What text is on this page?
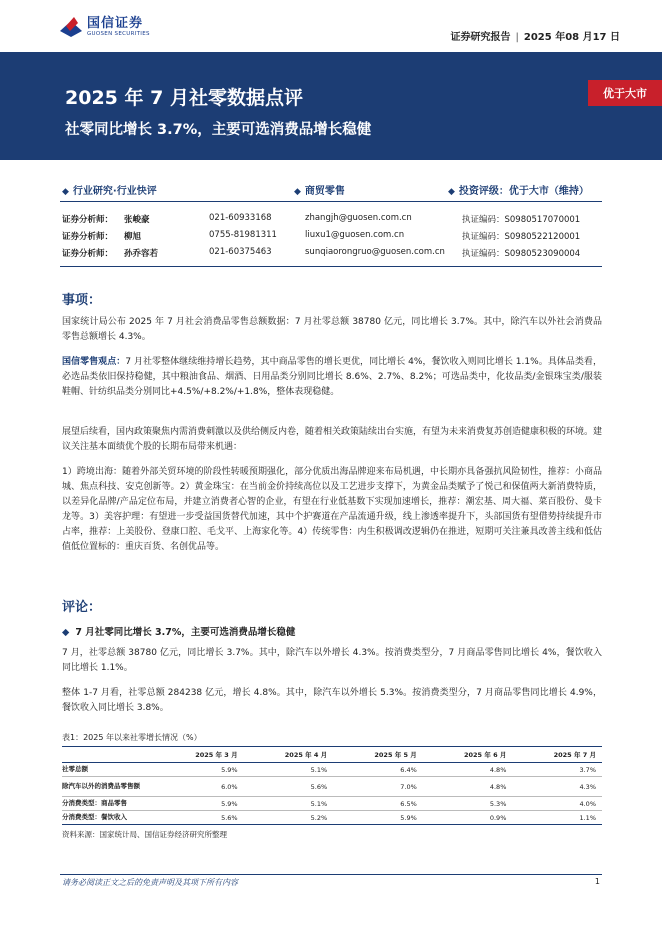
国信证券
GUOSEN SECURITIES	证券研究报告 | 2025 年08 月17 日
2025 年 7 月社零数据点评
社零同比增长 3.7%，主要可选消费品增长稳健
优于大市
◆ 行业研究·行业快评	◆ 商贸零售	◆ 投资评级：优于大市（维持）
证券分析师： 张峻豪	021-60933168	zhangjh@guosen.com.cn	执证编码：S0980517070001
证券分析师： 柳旭	0755-81981311	liuxu1@guosen.com.cn	执证编码：S0980522120001
证券分析师： 孙乔容若	021-60375463	sunqiaorongruo@guosen.com.cn 执证编码：S0980523090004
事项：
国家统计局公布 2025 年 7 月社会消费品零售总额数据：7 月社零总额 38780 亿元，同比增长 3.7%。其中，除汽车以外社会消费品零售总额增长 4.3%。
国信零售观点：7 月社零整体继续维持增长趋势，其中商品零售的增长更优，同比增长 4%，餐饮收入则同比增长 1.1%。具体品类看，必选品类依旧保持稳健，其中粮油食品、烟酒、日用品类分别同比增长 8.6%、2.7%、8.2%；可选品类中，化妆品类/金银珠宝类/服装鞋帽、针纺织品类分别同比+4.5%/+8.2%/+1.8%，整体表现稳健。
展望后续看，国内政策聚焦内需消费刺激以及供给侧反内卷，随着相关政策陆续出台实施，有望为未来消费复苏创造健康积极的环境。建议关注基本面绩优个股的长期布局带来机遇：
1）跨境出海：随着外部关贸环境的阶段性转暖预期强化，部分优质出海品牌迎来布局机遇，中长期亦具备强抗风险韧性，推荐：小商品城、焦点科技、安克创新等。2）黄金珠宝：在当前金价持续高位以及工艺进步支撑下，为黄金品类赋予了悦己和保值两大新消费特质，以差异化品牌/产品定位布局，并建立消费者心智的企业，有望在行业低基数下实现加速增长，推荐：潮宏基、周大福、菜百股份、曼卡龙等。3）美容护理：有望进一步受益国货替代加速，其中个护赛道在产品流通升级，线上渗透率提升下，头部国货有望借势持续提升市占率，推荐：上美股份、登康口腔、毛戈平、上海家化等。4）传统零售：内生积极调改逻辑仍在推进，短期可关注兼具改善主线和低估值低位置标的：重庆百货、名创优品等。
评论：
◆ 7 月社零同比增长 3.7%，主要可选消费品增长稳健
7 月，社零总额 38780 亿元，同比增长 3.7%。其中，除汽车以外增长 4.3%。按消费类型分，7 月商品零售同比增长 4%，餐饮收入同比增长 1.1%。
整体 1-7 月看，社零总额 284238 亿元，增长 4.8%。其中，除汽车以外增长 5.3%。按消费类型分，7 月商品零售同比增长 4.9%，餐饮收入同比增长 3.8%。
表1：2025 年以来社零增长情况（%）
	2025 年 3 月	2025 年 4 月	2025 年 5 月	2025 年 6 月	2025 年 7 月
社零总额	5.9%	5.1%	6.4%	4.8%	3.7%
除汽车以外的消费品零售额	6.0%	5.6%	7.0%	4.8%	4.3%
分消费类型：商品零售	5.9%	5.1%	6.5%	5.3%	4.0%
分消费类型：餐饮收入	5.6%	5.2%	5.9%	0.9%	1.1%
资料来源：国家统计局、国信证券经济研究所整理
请务必阅读正文之后的免责声明及其项下所有内容	1
